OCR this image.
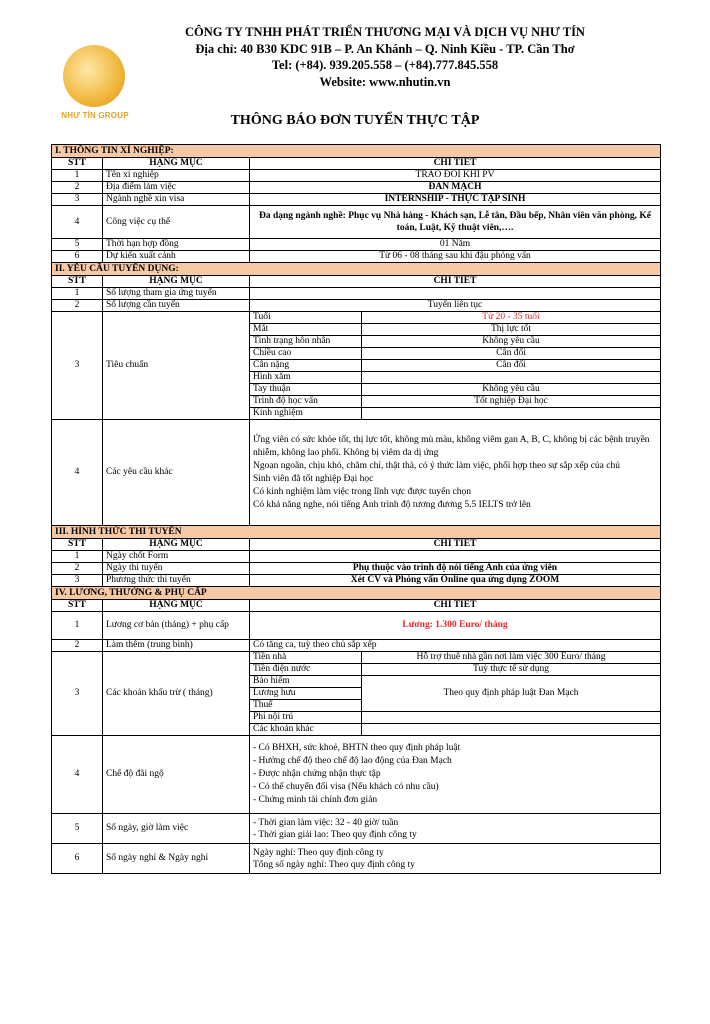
NHƯ TÍN GROUP
CÔNG TY TNHH PHÁT TRIỂN THƯƠNG MẠI VÀ DỊCH VỤ NHƯ TÍN
Địa chỉ: 40 B30 KDC 91B – P. An Khánh – Q. Ninh Kiều - TP. Cần Thơ
Tel: (+84). 939.205.558 – (+84).777.845.558
Website: www.nhutin.vn
THÔNG BÁO ĐƠN TUYỂN THỰC TẬP
I. THÔNG TIN XÍ NGHIỆP:			
STT	HẠNG MỤC	CHI TIẾT	
1	Tên xí nghiệp	TRAO ĐỔI KHI PV	
2	Địa điểm làm việc	ĐAN MẠCH	
3	Ngành nghề xin visa	INTERNSHIP - THỰC TẬP SINH	
4	Công việc cụ thể	Đa dạng ngành nghề: Phục vụ Nhà hàng - Khách sạn, Lễ tân, Đầu bếp, Nhân viên văn phòng, Kế toán, Luật, Kỹ thuật viên,….	
5	Thời hạn hợp đồng	01 Năm	
6	Dự kiến xuất cảnh	Từ 06 - 08 tháng sau khi đậu phỏng vấn	
II. YÊU CẦU TUYỂN DỤNG:			
STT	HẠNG MỤC	CHI TIẾT	
1	Số lượng tham gia ứng tuyển		
2	Số lượng cần tuyển	Tuyển liên tục	
3	Tiêu chuẩn	Tuổi	Từ 20 - 35 tuổi
		Mắt	Thị lực tốt
		Tình trạng hôn nhân	Không yêu cầu
		Chiều cao	Cân đối
		Cân nặng	Cân đối
		Hình xăm	
		Tay thuận	Không yêu cầu
		Trình độ học vấn	Tốt nghiệp Đại học
		Kinh nghiệm	
4	Các yêu cầu khác	Ứng viên có sức khỏe tốt, thị lực tốt, không mù màu, không viêm gan A, B, C, không bị các bệnh truyền nhiễm, không lao phổi. Không bị viêm da dị ứng
Ngoan ngoãn, chịu khó, chăm chỉ, thật thà, có ý thức làm việc, phối hợp theo sự sắp xếp của chủ
Sinh viên đã tốt nghiệp Đại học
Có kinh nghiệm làm việc trong lĩnh vực được tuyển chọn
Có khả năng nghe, nói tiếng Anh trình độ tương đương 5.5 IELTS trở lên	

III. HÌNH THỨC THI TUYỂN			
STT	HẠNG MỤC	CHI TIẾT	
1	Ngày chốt Form		
2	Ngày thi tuyển	Phụ thuộc vào trình độ nói tiếng Anh của ứng viên	
3	Phương thức thi tuyển	Xét CV và Phỏng vấn Online qua ứng dụng ZOOM	
IV. LƯƠNG, THƯỞNG & PHỤ CẤP			
STT	HẠNG MỤC	CHI TIẾT	
1	Lương cơ bản (tháng) + phụ cấp	Lương: 1.300 Euro/ tháng	
2	Làm thêm (trung bình)	Có tăng ca, tuỳ theo chủ sắp xếp	
3	Các khoản khấu trừ ( tháng)	Tiền nhà	Hỗ trợ thuê nhà gần nơi làm việc 300 Euro/ tháng
		Tiền điện nước	Tuỳ thực tế sử dụng
		Bảo hiểm	Theo quy định pháp luật Đan Mạch
		Lương hưu	
		Thuế	
		Phí nội trú	
		Các khoản khác	
4	Chế độ đãi ngộ	- Có BHXH, sức khoẻ, BHTN theo quy định pháp luật
- Hưởng chế độ theo chế độ lao động của Đan Mạch
- Được nhận chứng nhận thực tập
- Có thể chuyển đổi visa (Nếu khách có nhu cầu)
- Chứng minh tài chính đơn giản	

5	Số ngày, giờ làm việc	- Thời gian làm việc: 32 - 40 giờ/ tuần
- Thời gian giải lao: Theo quy định công ty	

6	Số ngày nghỉ & Ngày nghỉ	Ngày nghỉ: Theo quy định công ty
Tổng số ngày nghỉ: Theo quy định công ty	
